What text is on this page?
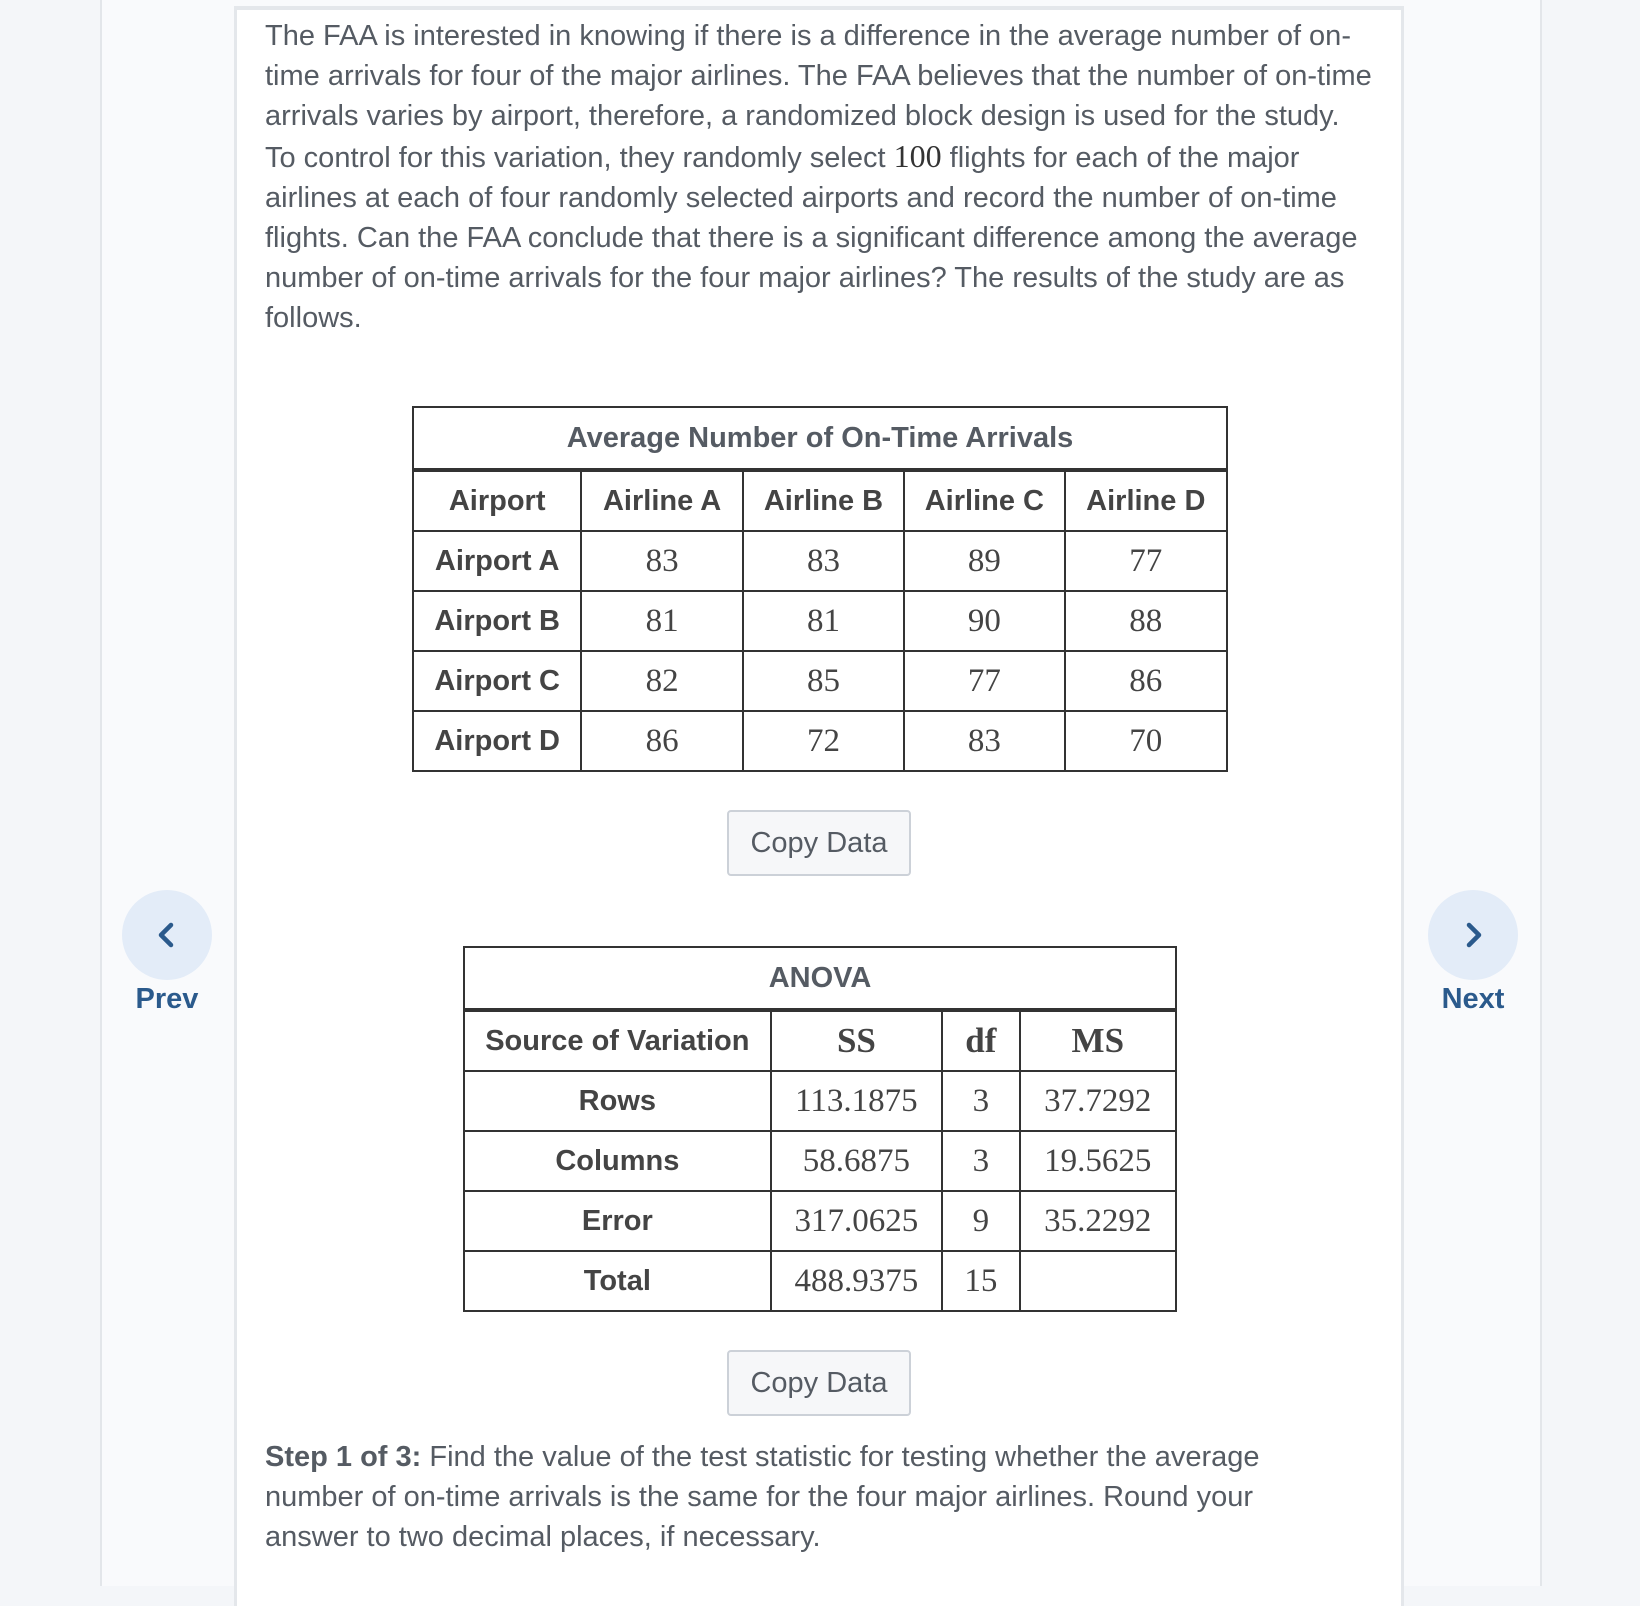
The FAA is interested in knowing if there is a difference in the average number of on-time arrivals for four of the major airlines. The FAA believes that the number of on-time arrivals varies by airport, therefore, a randomized block design is used for the study. To control for this variation, they randomly select 100 flights for each of the major airlines at each of four randomly selected airports and record the number of on-time flights. Can the FAA conclude that there is a significant difference among the average number of on-time arrivals for the four major airlines? The results of the study are as follows.

Average Number of On-Time Arrivals				
Airport	Airline A	Airline B	Airline C	Airline D
Airport A	83	83	89	77
Airport B	81	81	90	88
Airport C	82	85	77	86
Airport D	86	72	83	70
Copy Data
ANOVA			
Source of Variation	SS	df	MS
Rows	113.1875	3	37.7292
Columns	58.6875	3	19.5625
Error	317.0625	9	35.2292
Total	488.9375	15	
Copy Data

Step 1 of 3: Find the value of the test statistic for testing whether the average number of on-time arrivals is the same for the four major airlines. Round your answer to two decimal places, if necessary.

Prev	Next
